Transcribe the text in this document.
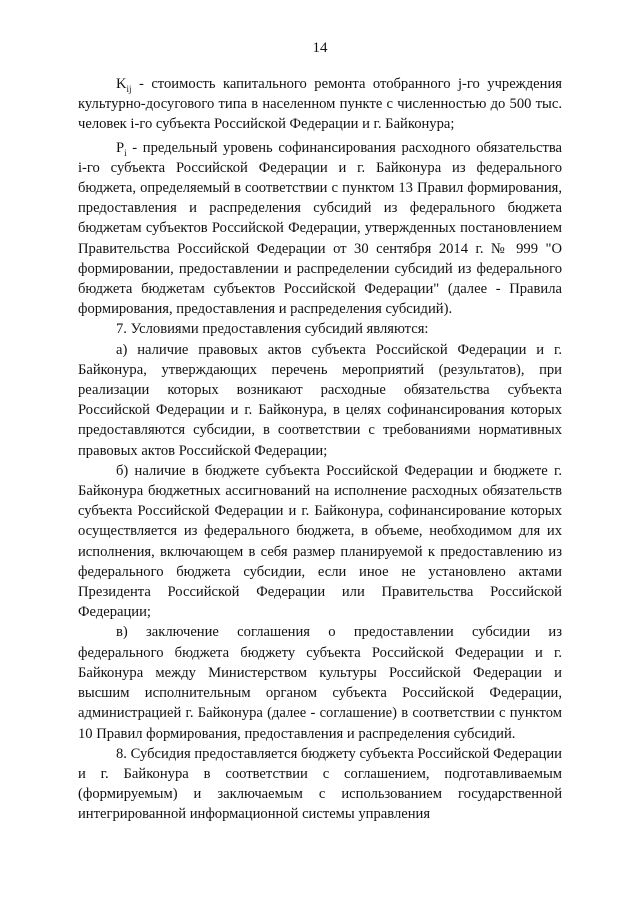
14

$K_{ij}$ - стоимость капитального ремонта отобранного j-го учреждения культурно-досугового типа в населенном пункте с численностью до 500 тыс. человек i-го субъекта Российской Федерации и г. Байконура;

$P_i$ - предельный уровень софинансирования расходного обязательства i-го субъекта Российской Федерации и г. Байконура из федерального бюджета, определяемый в соответствии с пунктом 13 Правил формирования, предоставления и распределения субсидий из федерального бюджета бюджетам субъектов Российской Федерации, утвержденных постановлением Правительства Российской Федерации от 30 сентября 2014 г. № 999 "О формировании, предоставлении и распределении субсидий из федерального бюджета бюджетам субъектов Российской Федерации" (далее - Правила формирования, предоставления и распределения субсидий).

7. Условиями предоставления субсидий являются:

а) наличие правовых актов субъекта Российской Федерации и г. Байконура, утверждающих перечень мероприятий (результатов), при реализации которых возникают расходные обязательства субъекта Российской Федерации и г. Байконура, в целях софинансирования которых предоставляются субсидии, в соответствии с требованиями нормативных правовых актов Российской Федерации;

б) наличие в бюджете субъекта Российской Федерации и бюджете г. Байконура бюджетных ассигнований на исполнение расходных обязательств субъекта Российской Федерации и г. Байконура, софинансирование которых осуществляется из федерального бюджета, в объеме, необходимом для их исполнения, включающем в себя размер планируемой к предоставлению из федерального бюджета субсидии, если иное не установлено актами Президента Российской Федерации или Правительства Российской Федерации;

в) заключение соглашения о предоставлении субсидии из федерального бюджета бюджету субъекта Российской Федерации и г. Байконура между Министерством культуры Российской Федерации и высшим исполнительным органом субъекта Российской Федерации, администрацией г. Байконура (далее - соглашение) в соответствии с пунктом 10 Правил формирования, предоставления и распределения субсидий.

8. Субсидия предоставляется бюджету субъекта Российской Федерации и г. Байконура в соответствии с соглашением, подготавливаемым (формируемым) и заключаемым с использованием государственной интегрированной информационной системы управления
